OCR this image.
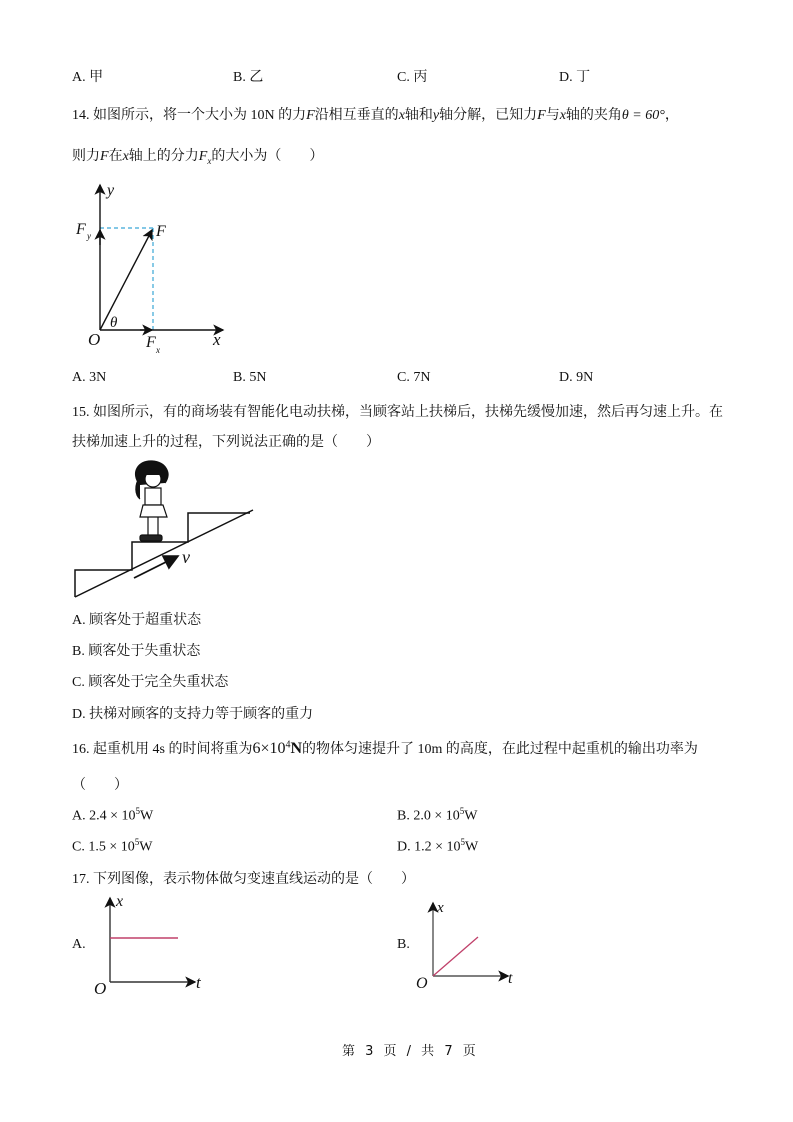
A. 甲	B. 乙	C. 丙	D. 丁
14. 如图所示，将一个大小为 10N 的力F沿相互垂直的x轴和y轴分解，已知力F与x轴的夹角θ = 60°，
则力F在x轴上的分力$F_x$的大小为（　　）
y
F
F y
θ
O	F x
x
A. 3N	B. 5N	C. 7N	D. 9N
15. 如图所示，有的商场装有智能化电动扶梯，当顾客站上扶梯后，扶梯先缓慢加速，然后再匀速上升。在
扶梯加速上升的过程，下列说法正确的是（　　）
v
A. 顾客处于超重状态
B. 顾客处于失重状态
C. 顾客处于完全失重状态
D. 扶梯对顾客的支持力等于顾客的重力
16. 起重机用 4s 的时间将重为$6\times 10^4N$的物体匀速提升了 10m 的高度，在此过程中起重机的输出功率为
（　　）
A. $2.4 \times 10^5W$	B. $2.0 \times 10^5W$
C. $1.5 \times 10^5W$	D. $1.2 \times 10^5W$
17. 下列图像，表示物体做匀变速直线运动的是（　　）
A.
x
t
O
B.
x
t
O
第 3 页 / 共 7 页
